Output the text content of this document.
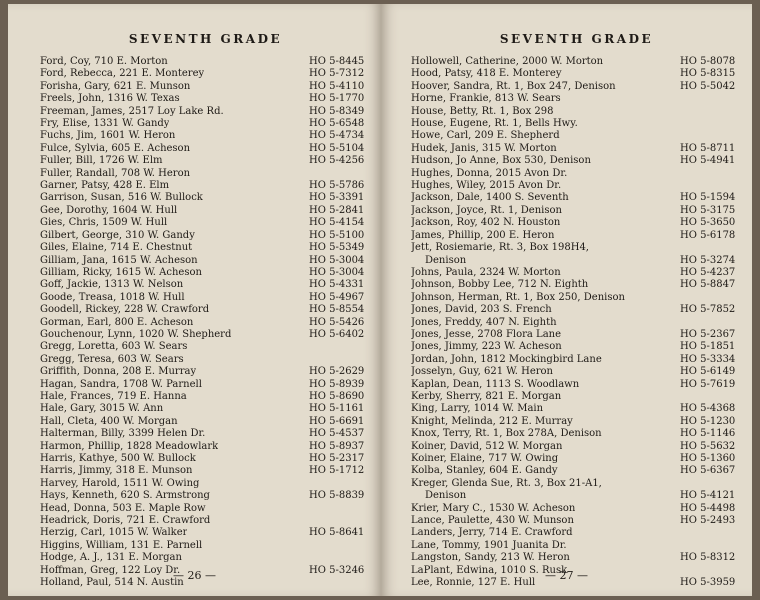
SEVENTH GRADE
Ford, Coy, 710 E. Morton	HO 5-8445
Ford, Rebecca, 221 E. Monterey	HO 5-7312
Forisha, Gary, 621 E. Munson	HO 5-4110
Freels, John, 1316 W. Texas	HO 5-1770
Freeman, James, 2517 Loy Lake Rd.	HO 5-8349
Fry, Elise, 1331 W. Gandy	HO 5-6548
Fuchs, Jim, 1601 W. Heron	HO 5-4734
Fulce, Sylvia, 605 E. Acheson	HO 5-5104
Fuller, Bill, 1726 W. Elm	HO 5-4256
Fuller, Randall, 708 W. Heron
Garner, Patsy, 428 E. Elm	HO 5-5786
Garrison, Susan, 516 W. Bullock	HO 5-3391
Gee, Dorothy, 1604 W. Hull	HO 5-2841
Gies, Chris, 1509 W. Hull	HO 5-4154
Gilbert, George, 310 W. Gandy	HO 5-5100
Giles, Elaine, 714 E. Chestnut	HO 5-5349
Gilliam, Jana, 1615 W. Acheson	HO 5-3004
Gilliam, Ricky, 1615 W. Acheson	HO 5-3004
Goff, Jackie, 1313 W. Nelson	HO 5-4331
Goode, Treasa, 1018 W. Hull	HO 5-4967
Goodell, Rickey, 228 W. Crawford	HO 5-8554
Gorman, Earl, 800 E. Acheson	HO 5-5426
Gouchenour, Lynn, 1020 W. Shepherd	HO 5-6402
Gregg, Loretta, 603 W. Sears
Gregg, Teresa, 603 W. Sears
Griffith, Donna, 208 E. Murray	HO 5-2629
Hagan, Sandra, 1708 W. Parnell	HO 5-8939
Hale, Frances, 719 E. Hanna	HO 5-8690
Hale, Gary, 3015 W. Ann	HO 5-1161
Hall, Cleta, 400 W. Morgan	HO 5-6691
Halterman, Billy, 3399 Helen Dr.	HO 5-4537
Harmon, Phillip, 1828 Meadowlark	HO 5-8937
Harris, Kathye, 500 W. Bullock	HO 5-2317
Harris, Jimmy, 318 E. Munson	HO 5-1712
Harvey, Harold, 1511 W. Owing
Hays, Kenneth, 620 S. Armstrong	HO 5-8839
Head, Donna, 503 E. Maple Row
Headrick, Doris, 721 E. Crawford
Herzig, Carl, 1015 W. Walker	HO 5-8641
Higgins, William, 131 E. Parnell
Hodge, A. J., 131 E. Morgan
Hoffman, Greg, 122 Loy Dr.	HO 5-3246
Holland, Paul, 514 N. Austin
— 26 —
SEVENTH GRADE
Hollowell, Catherine, 2000 W. Morton	HO 5-8078
Hood, Patsy, 418 E. Monterey	HO 5-8315
Hoover, Sandra, Rt. 1, Box 247, Denison	HO 5-5042
Horne, Frankie, 813 W. Sears
House, Betty, Rt. 1, Box 298
House, Eugene, Rt. 1, Bells Hwy.
Howe, Carl, 209 E. Shepherd
Hudek, Janis, 315 W. Morton	HO 5-8711
Hudson, Jo Anne, Box 530, Denison	HO 5-4941
Hughes, Donna, 2015 Avon Dr.
Hughes, Wiley, 2015 Avon Dr.
Jackson, Dale, 1400 S. Seventh	HO 5-1594
Jackson, Joyce, Rt. 1, Denison	HO 5-3175
Jackson, Roy, 402 N. Houston	HO 5-3650
James, Phillip, 200 E. Heron	HO 5-6178
Jett, Rosiemarie, Rt. 3, Box 198H4,
Denison	HO 5-3274
Johns, Paula, 2324 W. Morton	HO 5-4237
Johnson, Bobby Lee, 712 N. Eighth	HO 5-8847
Johnson, Herman, Rt. 1, Box 250, Denison
Jones, David, 203 S. French	HO 5-7852
Jones, Freddy, 407 N. Eighth
Jones, Jesse, 2708 Flora Lane	HO 5-2367
Jones, Jimmy, 223 W. Acheson	HO 5-1851
Jordan, John, 1812 Mockingbird Lane	HO 5-3334
Josselyn, Guy, 621 W. Heron	HO 5-6149
Kaplan, Dean, 1113 S. Woodlawn	HO 5-7619
Kerby, Sherry, 821 E. Morgan
King, Larry, 1014 W. Main	HO 5-4368
Knight, Melinda, 212 E. Murray	HO 5-1230
Knox, Terry, Rt. 1, Box 278A, Denison	HO 5-1146
Koiner, David, 512 W. Morgan	HO 5-5632
Koiner, Elaine, 717 W. Owing	HO 5-1360
Kolba, Stanley, 604 E. Gandy	HO 5-6367
Kreger, Glenda Sue, Rt. 3, Box 21-A1,
Denison	HO 5-4121
Krier, Mary C., 1530 W. Acheson	HO 5-4498
Lance, Paulette, 430 W. Munson	HO 5-2493
Landers, Jerry, 714 E. Crawford
Lane, Tommy, 1901 Juanita Dr.
Langston, Sandy, 213 W. Heron	HO 5-8312
LaPlant, Edwina, 1010 S. Rusk
Lee, Ronnie, 127 E. Hull	HO 5-3959
— 27 —
